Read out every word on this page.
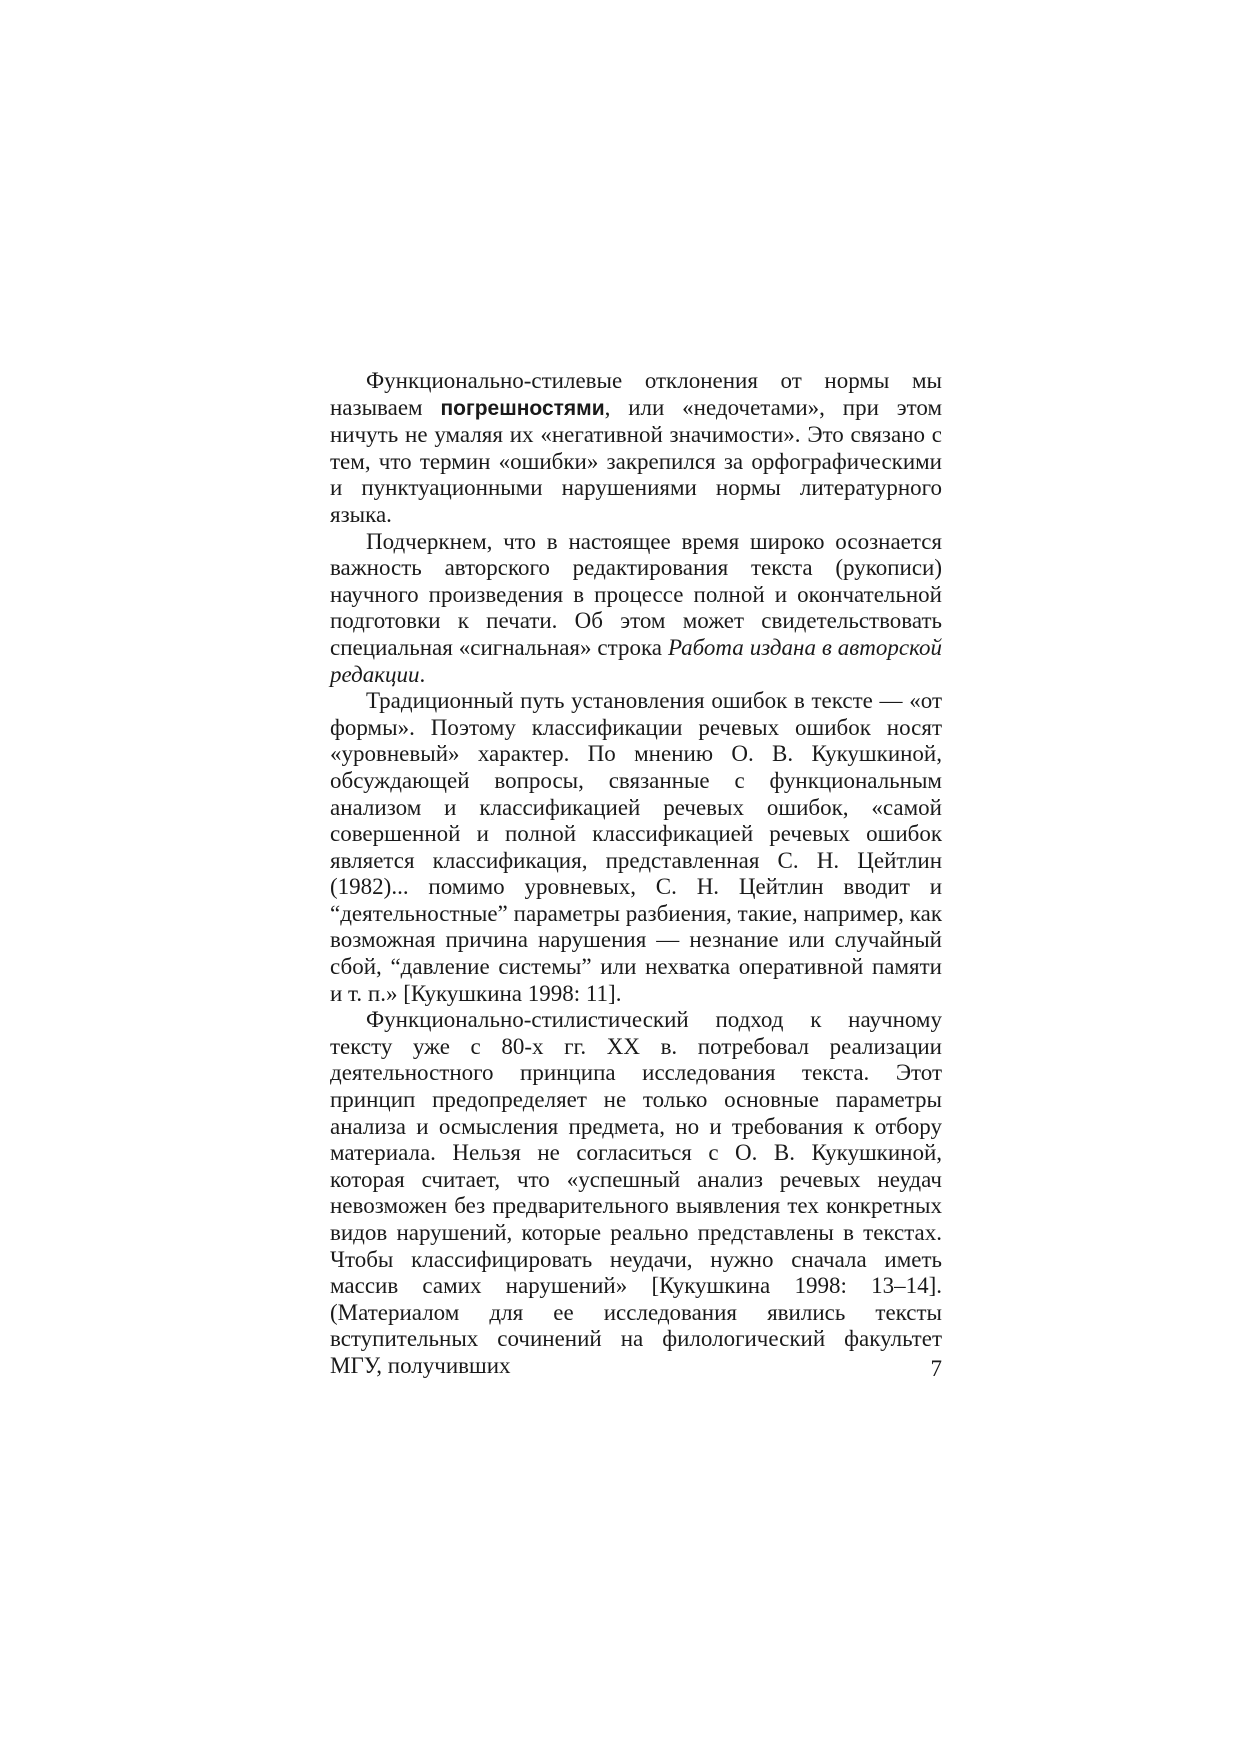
Функционально-стилевые отклонения от нормы мы называем погрешностями, или «недочетами», при этом ничуть не умаляя их «негативной значимости». Это связано с тем, что термин «ошибки» закрепился за орфографическими и пунктуационными нарушениями нормы литературного языка.

Подчеркнем, что в настоящее время широко осознается важность авторского редактирования текста (рукописи) научного произведения в процессе полной и окончательной подготовки к печати. Об этом может свидетельствовать специальная «сигнальная» строка Работа издана в авторской редакции.

Традиционный путь установления ошибок в тексте — «от формы». Поэтому классификации речевых ошибок носят «уровневый» характер. По мнению О. В. Кукушкиной, обсуждающей вопросы, связанные с функциональным анализом и классификацией речевых ошибок, «самой совершенной и полной классификацией речевых ошибок является классификация, представленная С. Н. Цейтлин (1982)... помимо уровневых, С. Н. Цейтлин вводит и “деятельностные” параметры разбиения, такие, например, как возможная причина нарушения — незнание или случайный сбой, “давление системы” или нехватка оперативной памяти и т. п.» [Кукушкина 1998: 11].

Функционально-стилистический подход к научному тексту уже с 80-х гг. XX в. потребовал реализации деятельностного принципа исследования текста. Этот принцип предопределяет не только основные параметры анализа и осмысления предмета, но и требования к отбору материала. Нельзя не согласиться с О. В. Кукушкиной, которая считает, что «успешный анализ речевых неудач невозможен без предварительного выявления тех конкретных видов нарушений, которые реально представлены в текстах. Чтобы классифицировать неудачи, нужно сначала иметь массив самих нарушений» [Кукушкина 1998: 13–14]. (Материалом для ее исследования явились тексты вступительных сочинений на филологический факультет МГУ, получивших	7
